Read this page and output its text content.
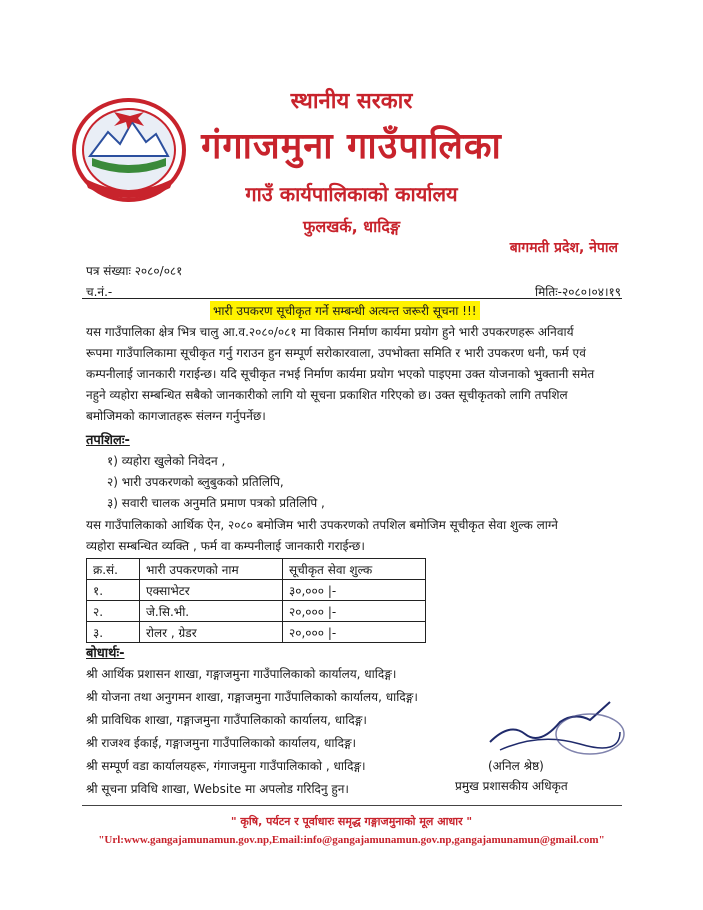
स्थानीय सरकार
गंगाजमुना गाउँपालिका
गाउँ कार्यपालिकाको कार्यालय
फुलखर्क, धादिङ्ग
बागमती प्रदेश, नेपाल
पत्र संख्याः २०८०/०८१
च.नं.-	मितिः-२०८०।०४।१९
भारी उपकरण सूचीकृत गर्ने सम्बन्धी अत्यन्त जरूरी सूचना !!!
यस गाउँपालिका क्षेत्र भित्र चालु आ.व.२०८०/०८१ मा विकास निर्माण कार्यमा प्रयोग हुने भारी उपकरणहरू अनिवार्य
रूपमा गाउँपालिकामा सूचीकृत गर्नु गराउन हुन सम्पूर्ण सरोकारवाला, उपभोक्ता समिति र भारी उपकरण धनी, फर्म एवं
कम्पनीलाई जानकारी गराईन्छ। यदि सूचीकृत नभई निर्माण कार्यमा प्रयोग भएको पाइएमा उक्त योजनाको भुक्तानी समेत
नहुने व्यहोरा सम्बन्धित सबैको जानकारीको लागि यो सूचना प्रकाशित गरिएको छ। उक्त सूचीकृतको लागि तपशिल
बमोजिमको कागजातहरू संलग्न गर्नुपर्नेछ।
तपशिलः-
१) व्यहोरा खुलेको निवेदन ,
२) भारी उपकरणको ब्लुबुकको प्रतिलिपि,
३) सवारी चालक अनुमति प्रमाण पत्रको प्रतिलिपि ,
यस गाउँपालिकाको आर्थिक ऐन, २०८० बमोजिम भारी उपकरणको तपशिल बमोजिम सूचीकृत सेवा शुल्क लाग्ने
व्यहोरा सम्बन्धित व्यक्ति , फर्म वा कम्पनीलाई जानकारी गराईन्छ।
क्र.सं.	भारी उपकरणको नाम	सूचीकृत सेवा शुल्क
१.	एक्साभेटर	३०,००० |-
२.	जे.सि.भी.	२०,००० |-
३.	रोलर , ग्रेडर	२०,००० |-
बोधार्थः-
श्री आर्थिक प्रशासन शाखा, गङ्गाजमुना गाउँपालिकाको कार्यालय, धादिङ्ग।
श्री योजना तथा अनुगमन शाखा, गङ्गाजमुना गाउँपालिकाको कार्यालय, धादिङ्ग।
श्री प्राविधिक शाखा, गङ्गाजमुना गाउँपालिकाको कार्यालय, धादिङ्ग।
श्री राजश्व ईकाई, गङ्गाजमुना गाउँपालिकाको कार्यालय, धादिङ्ग।
श्री सम्पूर्ण वडा कार्यालयहरू, गंगाजमुना गाउँपालिकाको , धादिङ्ग।
श्री सूचना प्रविधि शाखा, Website मा अपलोड गरिदिनु हुन।
(अनिल श्रेष्ठ)
प्रमुख प्रशासकीय अधिकृत
" कृषि, पर्यटन र पूर्वाधारः समृद्ध गङ्गाजमुनाको मूल आधार "
"Url:www.gangajamunamun.gov.np,Email:info@gangajamunamun.gov.np,gangajamunamun@gmail.com"
